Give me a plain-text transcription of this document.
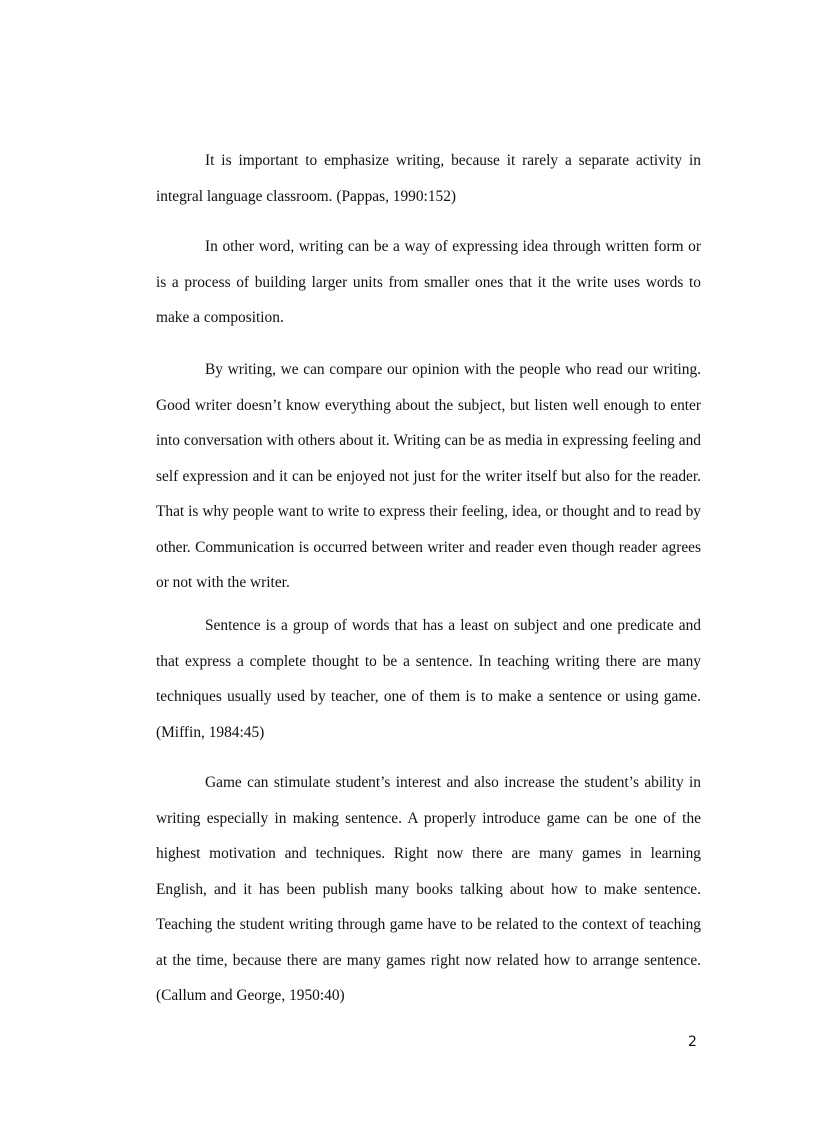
It is important to emphasize writing, because it rarely a separate activity in integral language classroom. (Pappas, 1990:152)

In other word, writing can be a way of expressing idea through written form or is a process of building larger units from smaller ones that it the write uses words to make a composition.

By writing, we can compare our opinion with the people who read our writing. Good writer doesn’t know everything about the subject, but listen well enough to enter into conversation with others about it. Writing can be as media in expressing feeling and self expression and it can be enjoyed not just for the writer itself but also for the reader. That is why people want to write to express their feeling, idea, or thought and to read by other. Communication is occurred between writer and reader even though reader agrees or not with the writer.

Sentence is a group of words that has a least on subject and one predicate and that express a complete thought to be a sentence. In teaching writing there are many techniques usually used by teacher, one of them is to make a sentence or using game. (Miffin, 1984:45)

Game can stimulate student’s interest and also increase the student’s ability in writing especially in making sentence. A properly introduce game can be one of the highest motivation and techniques. Right now there are many games in learning English, and it has been publish many books talking about how to make sentence. Teaching the student writing through game have to be related to the context of teaching at the time, because there are many games right now related how to arrange sentence. (Callum and George, 1950:40)

2
